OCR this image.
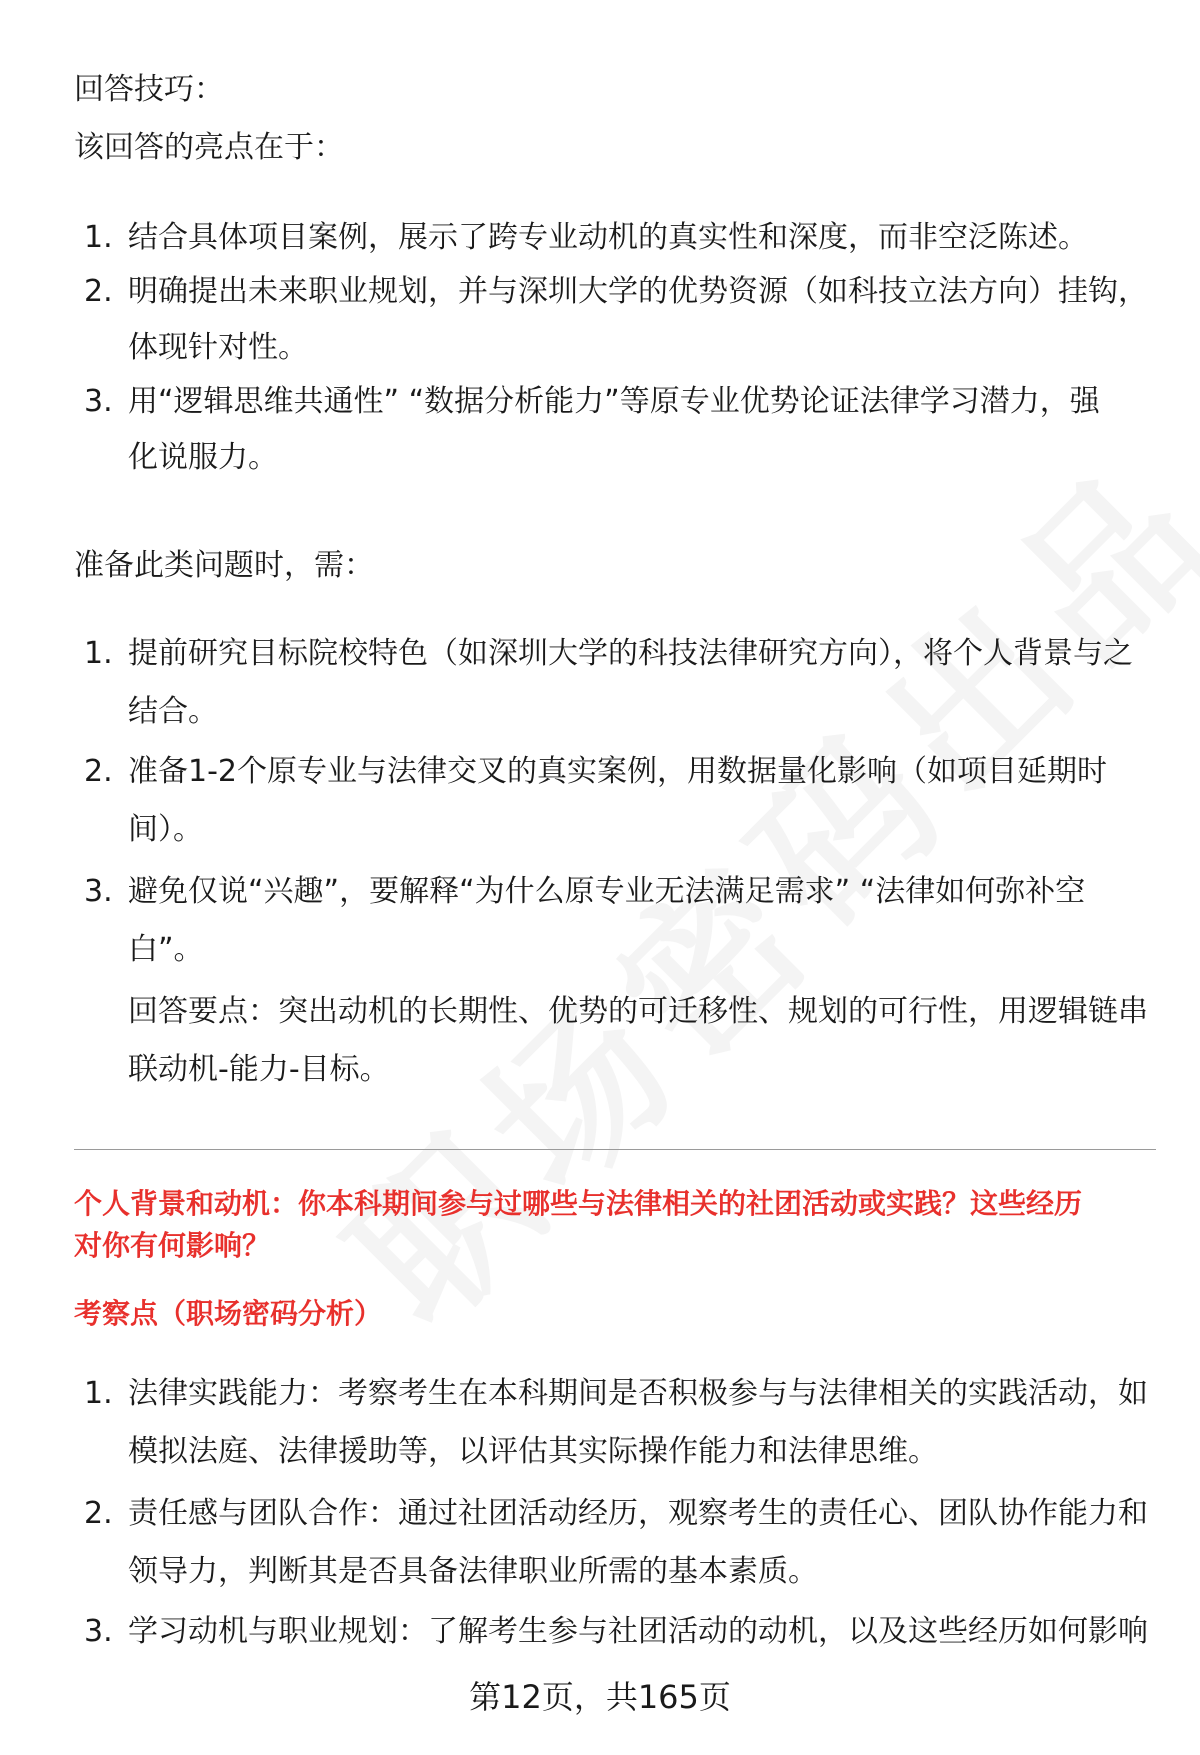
回答技巧：
该回答的亮点在于：
1. 结合具体项目案例，展示了跨专业动机的真实性和深度，而非空泛陈述。
2. 明确提出未来职业规划，并与深圳大学的优势资源（如科技立法方向）挂钩，
体现针对性。
3. 用“逻辑思维共通性” “数据分析能力”等原专业优势论证法律学习潜力，强
化说服力。
准备此类问题时，需：
1. 提前研究目标院校特色（如深圳大学的科技法律研究方向），将个人背景与之
结合。
2. 准备1-2个原专业与法律交叉的真实案例，用数据量化影响（如项目延期时
间）。
3. 避免仅说“兴趣”，要解释“为什么原专业无法满足需求” “法律如何弥补空
白”。
回答要点：突出动机的长期性、优势的可迁移性、规划的可行性，用逻辑链串
联动机-能力-目标。
个人背景和动机：你本科期间参与过哪些与法律相关的社团活动或实践？这些经历
对你有何影响？
考察点（职场密码分析）
1. 法律实践能力：考察考生在本科期间是否积极参与与法律相关的实践活动，如
模拟法庭、法律援助等，以评估其实际操作能力和法律思维。
2. 责任感与团队合作：通过社团活动经历，观察考生的责任心、团队协作能力和
领导力，判断其是否具备法律职业所需的基本素质。
3. 学习动机与职业规划：了解考生参与社团活动的动机，以及这些经历如何影响
第12页，共165页
